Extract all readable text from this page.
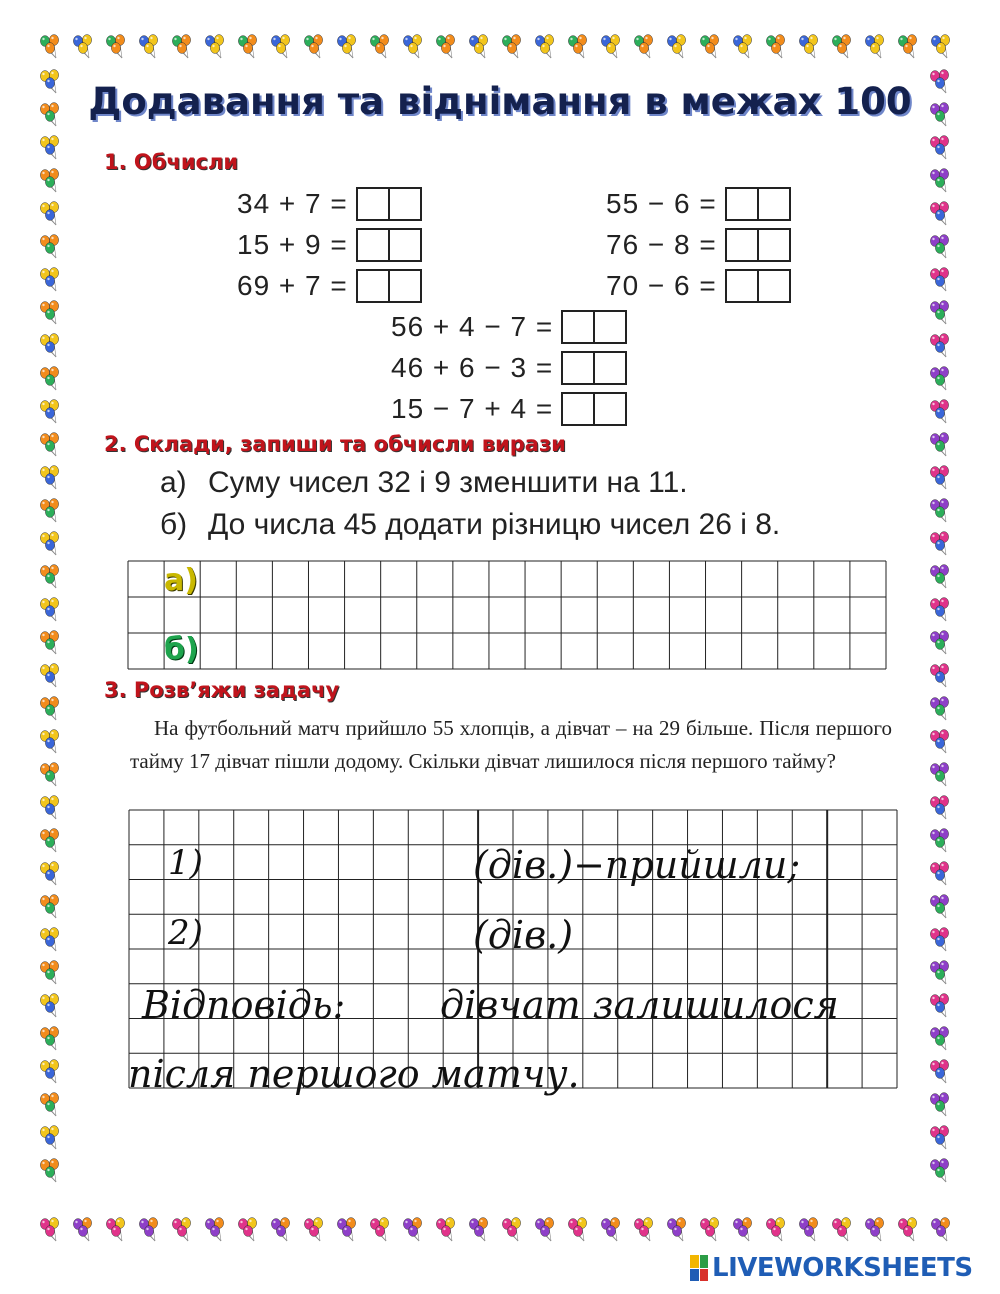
Додавання та віднімання в межах 100
1. Обчисли
34 + 7 =
15 + 9 =
69 + 7 =
55 − 6 =
76 − 8 =
70 − 6 =
56 + 4 − 7 =
46 + 6 − 3 =
15 − 7 + 4 =
2. Склади, запиши та обчисли вирази
а) Суму чисел 32 і 9 зменшити на 11.
б) До числа 45 додати різницю чисел 26 і 8.
а)
б)
3. Розв’яжи задачу
На футбольний матч прийшло 55 хлопців, а дівчат – на 29 більше. Після першого тайму 17 дівчат пішли додому. Скільки дівчат лишилося після першого тайму?
1)	(дів.)−прийшли;
2)	(дів.)
Відповідь: дівчат залишилося
після першого матчу.
LIVEWORKSHEETS
